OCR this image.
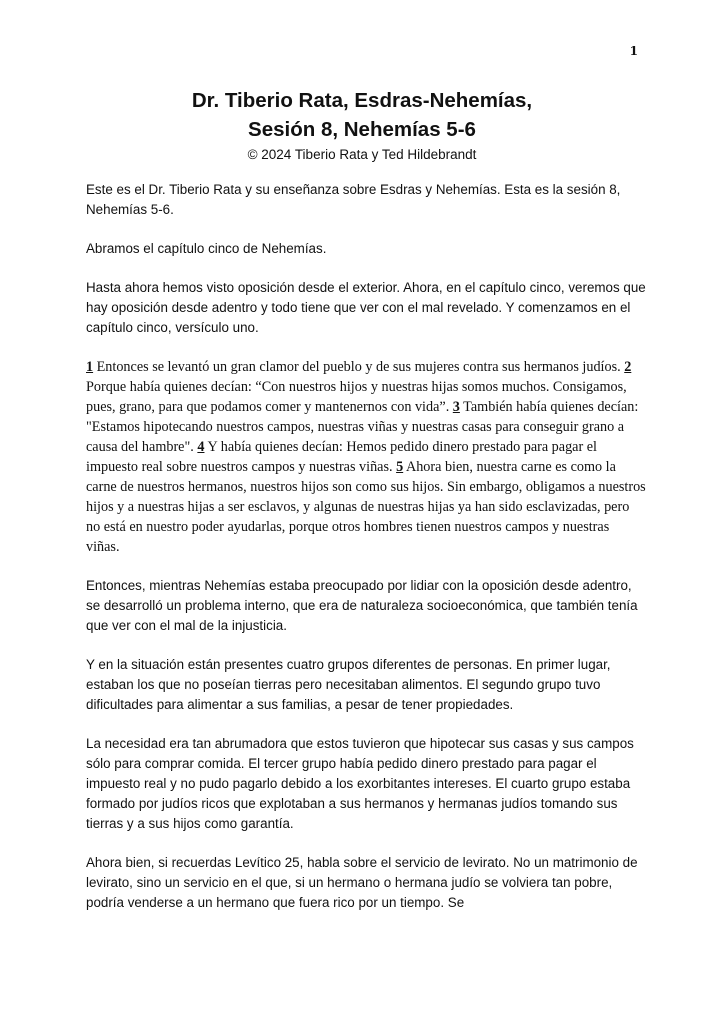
1
Dr. Tiberio Rata, Esdras-Nehemías,
Sesión 8, Nehemías 5-6
© 2024 Tiberio Rata y Ted Hildebrandt

Este es el Dr. Tiberio Rata y su enseñanza sobre Esdras y Nehemías. Esta es la sesión 8, Nehemías 5-6.

Abramos el capítulo cinco de Nehemías.

Hasta ahora hemos visto oposición desde el exterior. Ahora, en el capítulo cinco, veremos que hay oposición desde adentro y todo tiene que ver con el mal revelado. Y comenzamos en el capítulo cinco, versículo uno.

1 Entonces se levantó un gran clamor del pueblo y de sus mujeres contra sus hermanos judíos. 2 Porque había quienes decían: “Con nuestros hijos y nuestras hijas somos muchos. Consigamos, pues, grano, para que podamos comer y mantenernos con vida”. 3 También había quienes decían: "Estamos hipotecando nuestros campos, nuestras viñas y nuestras casas para conseguir grano a causa del hambre". 4 Y había quienes decían: Hemos pedido dinero prestado para pagar el impuesto real sobre nuestros campos y nuestras viñas. 5 Ahora bien, nuestra carne es como la carne de nuestros hermanos, nuestros hijos son como sus hijos. Sin embargo, obligamos a nuestros hijos y a nuestras hijas a ser esclavos, y algunas de nuestras hijas ya han sido esclavizadas, pero no está en nuestro poder ayudarlas, porque otros hombres tienen nuestros campos y nuestras viñas.

Entonces, mientras Nehemías estaba preocupado por lidiar con la oposición desde adentro, se desarrolló un problema interno, que era de naturaleza socioeconómica, que también tenía que ver con el mal de la injusticia.

Y en la situación están presentes cuatro grupos diferentes de personas. En primer lugar, estaban los que no poseían tierras pero necesitaban alimentos. El segundo grupo tuvo dificultades para alimentar a sus familias, a pesar de tener propiedades.

La necesidad era tan abrumadora que estos tuvieron que hipotecar sus casas y sus campos sólo para comprar comida. El tercer grupo había pedido dinero prestado para pagar el impuesto real y no pudo pagarlo debido a los exorbitantes intereses. El cuarto grupo estaba formado por judíos ricos que explotaban a sus hermanos y hermanas judíos tomando sus tierras y a sus hijos como garantía.

Ahora bien, si recuerdas Levítico 25, habla sobre el servicio de levirato. No un matrimonio de levirato, sino un servicio en el que, si un hermano o hermana judío se volviera tan pobre, podría venderse a un hermano que fuera rico por un tiempo. Se
